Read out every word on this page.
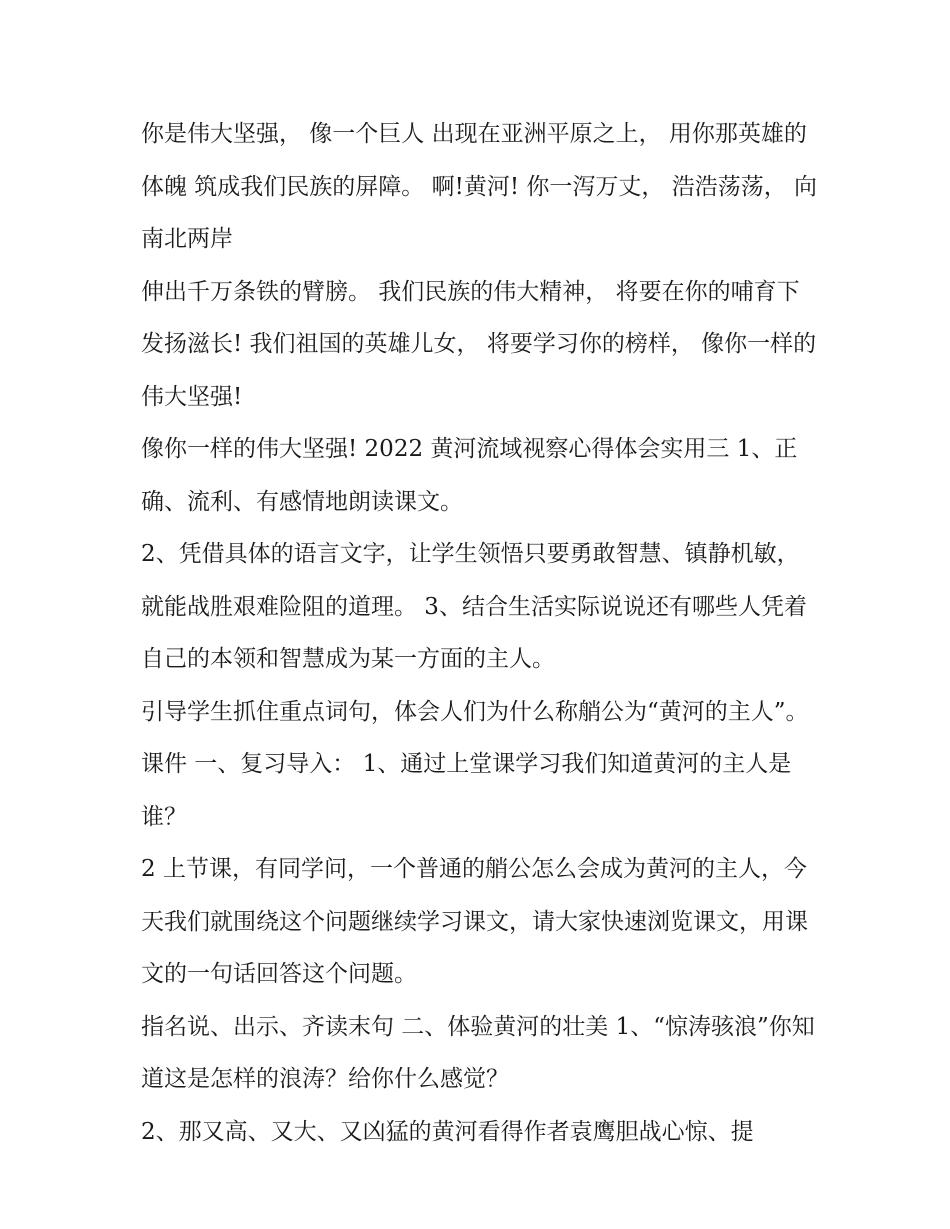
你是伟大坚强， 像一个巨人 出现在亚洲平原之上， 用你那英雄的体魄 筑成我们民族的屏障。 啊!黄河! 你一泻万丈， 浩浩荡荡， 向南北两岸

伸出千万条铁的臂膀。 我们民族的伟大精神， 将要在你的哺育下 发扬滋长! 我们祖国的英雄儿女， 将要学习你的榜样， 像你一样的伟大坚强!

像你一样的伟大坚强! 2022 黄河流域视察心得体会实用三 1、正确、流利、有感情地朗读课文。

2、凭借具体的语言文字，让学生领悟只要勇敢智慧、镇静机敏，就能战胜艰难险阻的道理。 3、结合生活实际说说还有哪些人凭着自己的本领和智慧成为某一方面的主人。

引导学生抓住重点词句，体会人们为什么称艄公为“黄河的主人”。 课件 一、复习导入： 1、通过上堂课学习我们知道黄河的主人是谁？

2 上节课，有同学问，一个普通的艄公怎么会成为黄河的主人，今天我们就围绕这个问题继续学习课文，请大家快速浏览课文，用课文的一句话回答这个问题。

指名说、出示、齐读末句 二、体验黄河的壮美 1、“惊涛骇浪”你知道这是怎样的浪涛？给你什么感觉？

2、那又高、又大、又凶猛的黄河看得作者袁鹰胆战心惊、提
